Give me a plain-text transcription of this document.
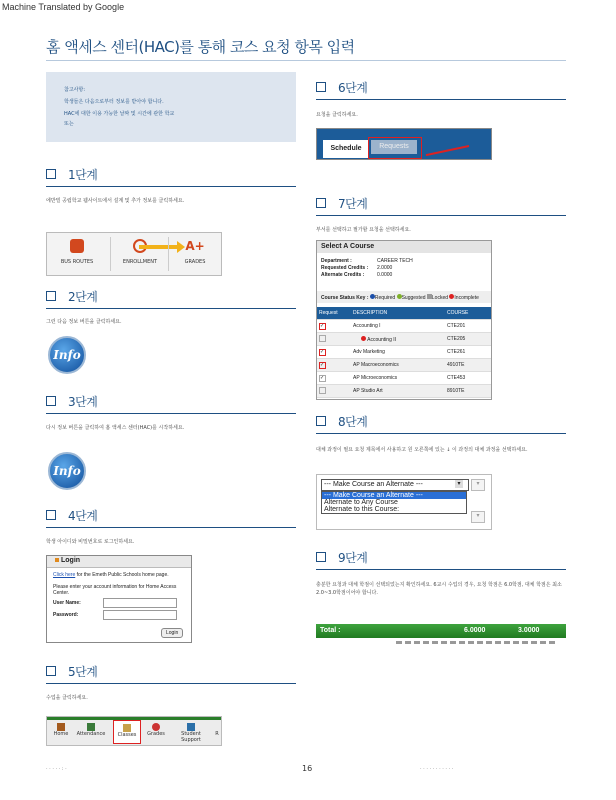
Machine Translated by Google
홈 액세스 센터(HAC)를 통해 코스 요청 항목 입력

참고사항:

학생들은 다음으로부터 정보를 받아야 합니다.

HAC에 대한 이용 가능한 날짜 및 시간에 관한 학교

또는

1단계
에반빌 공립학교 웹사이트에서 설계 및 추가 정보를 클릭하세요.
BUS ROUTES	ENROLLMENT
A+
GRADES
2단계
그런 다음 정보 버튼을 클릭하세요.
Info
3단계
다시 정보 버튼을 클릭하여 홈 액세스 센터(HAC)를 시작하세요.
Info
4단계
학생 아이디와 비밀번호로 로그인하세요.
Login
Click here for the Emeth Public Schools home page.
Please enter your account information for Home Access Center.
User Name:
Password:
Login
5단계
수업을 클릭하세요.
Home	Attendance	Classes	Grades	Student Support
R
6단계
요청을 클릭하세요.
Schedule	Requests
7단계
부서를 선택하고 필가할 요청을 선택하세요.
Select A Course
Department :	CAREER TECH
Requested Credits : 2.0000
Alternate Credits :	0.0000
Course Status Key : Required Suggested Locked Incomplete
Request	DESCRIPTION	COURSE
✓	Accounting I	CTE201
	Accounting II	CTE205
✓	Adv Marketing	CTE261
✓	AP Macroeconomics	4910TE
✓	AP Microeconomics	CTE453
	AP Studio Art	8910TE
8단계
대체 과정이 필요 요청 제목에서 사용하고 원 오른쪽에 있는 ↓ 이 과정의 대체 과정을 선택하세요.
--- Make Course an Alternate ---	▾	▾
--- Make Course an Alternate ---
Alternate to Any Course
Alternate to this Course:
▾
9단계
충분한 요청과 대체 학점이 선택되었는지 확인하세요. 6교시 수업의 경우, 요청 학점은 6.0학점, 대체 학점은 최소 2.0~3.0학점이어야 합니다.
Total :	6.0000	3.0000
· · · · · : ·	16	· · · · · · · · · · ·
